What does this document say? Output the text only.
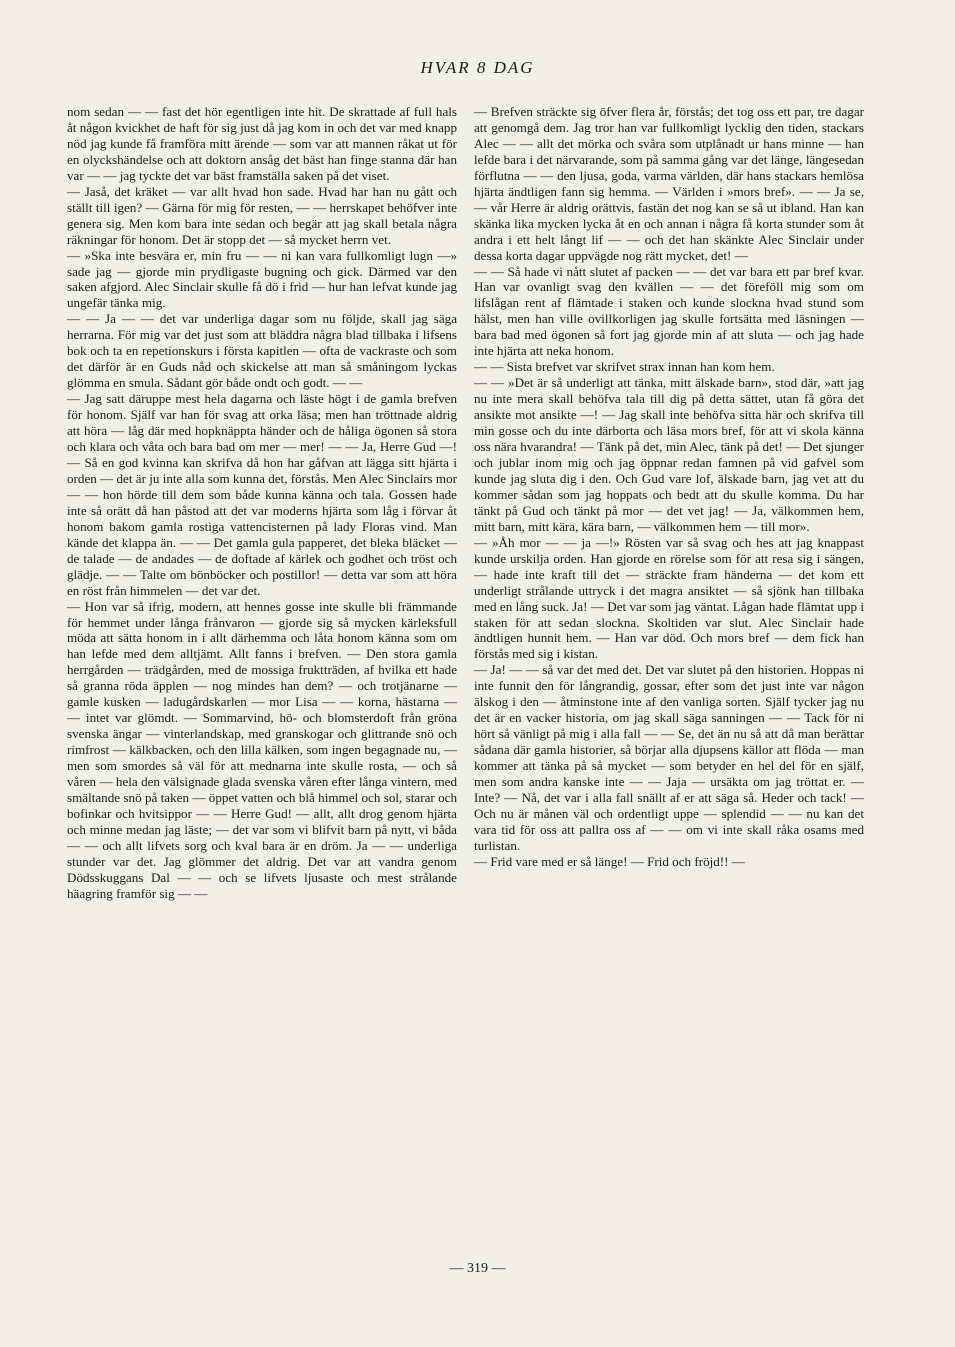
HVAR 8 DAG

nom sedan — — fast det hör egentligen inte hit. De skrattade af full hals åt någon kvickhet de haft för sig just då jag kom in och det var med knapp nöd jag kunde få framföra mitt ärende — som var att mannen råkat ut för en olyckshändelse och att doktorn ansåg det bäst han finge stanna där han var — — jag tyckte det var bäst framställa saken på det viset.

— Jaså, det kräket — var allt hvad hon sade. Hvad har han nu gått och ställt till igen? — Gärna för mig för resten, — — herrskapet behöfver inte genera sig. Men kom bara inte sedan och begär att jag skall betala några räkningar för honom. Det är stopp det — så mycket herrn vet.

— »Ska inte besvära er, min fru — — ni kan vara fullkomligt lugn —» sade jag — gjorde min prydligaste bugning och gick. Därmed var den saken afgjord. Alec Sinclair skulle få dö i frid — hur han lefvat kunde jag ungefär tänka mig.

— — Ja — — det var underliga dagar som nu följde, skall jag säga herrarna. För mig var det just som att bläddra några blad tillbaka i lifsens bok och ta en repetionskurs i första kapitlen — ofta de vackraste och som det därför är en Guds nåd och skickelse att man så småningom lyckas glömma en smula. Sådant gör både ondt och godt. — —

— Jag satt däruppe mest hela dagarna och läste högt i de gamla brefven för honom. Själf var han för svag att orka läsa; men han tröttnade aldrig att höra — låg där med hopknäppta händer och de håliga ögonen så stora och klara och våta och bara bad om mer — mer! — — Ja, Herre Gud —! — Så en god kvinna kan skrifva då hon har gåfvan att lägga sitt hjärta i orden — det är ju inte alla som kunna det, förstås. Men Alec Sinclairs mor — — hon hörde till dem som både kunna känna och tala. Gossen hade inte så orätt då han påstod att det var moderns hjärta som låg i förvar åt honom bakom gamla rostiga vattencisternen på lady Floras vind. Man kände det klappa än. — — Det gamla gula papperet, det bleka bläcket — de talade — de andades — de doftade af kärlek och godhet och tröst och glädje. — — Talte om bönböcker och postillor! — detta var som att höra en röst från himmelen — det var det.

— Hon var så ifrig, modern, att hennes gosse inte skulle bli främmande för hemmet under långa frånvaron — gjorde sig så mycken kärleksfull möda att sätta honom in i allt därhemma och låta honom känna som om han lefde med dem alltjämt. Allt fanns i brefven. — Den stora gamla herrgården — trädgården, med de mossiga fruktträden, af hvilka ett hade så granna röda äpplen — nog mindes han dem? — och trotjänarne — gamle kusken — ladugårdskarlen — mor Lisa — — korna, hästarna — — intet var glömdt. — Sommarvind, hö- och blomsterdoft från gröna svenska ängar — vinterlandskap, med granskogar och glittrande snö och rimfrost — kälkbacken, och den lilla kälken, som ingen begagnade nu, — men som smordes så väl för att mednarna inte skulle rosta, — och så våren — hela den välsignade glada svenska våren efter långa vintern, med smältande snö på taken — öppet vatten och blå himmel och sol, starar och bofinkar och hvitsippor — — Herre Gud! — allt, allt drog genom hjärta och minne medan jag läste; — det var som vi blifvit barn på nytt, vi båda — — och allt lifvets sorg och kval bara är en dröm. Ja — — underliga stunder var det. Jag glömmer det aldrig. Det var att vandra genom Dödsskuggans Dal — — och se lifvets ljusaste och mest strålande häagring framför sig — —

— Brefven sträckte sig öfver flera år, förstås; det tog oss ett par, tre dagar att genomgå dem. Jag tror han var fullkomligt lycklig den tiden, stackars Alec — — allt det mörka och svåra som utplånadt ur hans minne — han lefde bara i det närvarande, som på samma gång var det länge, längesedan förflutna — — den ljusa, goda, varma världen, där hans stackars hemlösa hjärta ändtligen fann sig hemma. — Världen i »mors bref». — — Ja se, — vår Herre är aldrig orättvis, fastän det nog kan se så ut ibland. Han kan skänka lika mycken lycka åt en och annan i några få korta stunder som åt andra i ett helt långt lif — — och det han skänkte Alec Sinclair under dessa korta dagar uppvägde nog rätt mycket, det! —

— — Så hade vi nått slutet af packen — — det var bara ett par bref kvar. Han var ovanligt svag den kvällen — — det föreföll mig som om lifslågan rent af flämtade i staken och kunde slockna hvad stund som hälst, men han ville ovillkorligen jag skulle fortsätta med läsningen — bara bad med ögonen så fort jag gjorde min af att sluta — och jag hade inte hjärta att neka honom.

— — Sista brefvet var skrifvet strax innan han kom hem.

— — »Det är så underligt att tänka, mitt älskade barn», stod där, »att jag nu inte mera skall behöfva tala till dig på detta sättet, utan få göra det ansikte mot ansikte —! — Jag skall inte behöfva sitta här och skrifva till min gosse och du inte därborta och läsa mors bref, för att vi skola känna oss nära hvarandra! — Tänk på det, min Alec, tänk på det! — Det sjunger och jublar inom mig och jag öppnar redan famnen på vid gafvel som kunde jag sluta dig i den. Och Gud vare lof, älskade barn, jag vet att du kommer sådan som jag hoppats och bedt att du skulle komma. Du har tänkt på Gud och tänkt på mor — det vet jag! — Ja, välkommen hem, mitt barn, mitt kära, kära barn, — välkommen hem — till mor».

— »Åh mor — — ja —!» Rösten var så svag och hes att jag knappast kunde urskilja orden. Han gjorde en rörelse som för att resa sig i sängen, — hade inte kraft till det — sträckte fram händerna — det kom ett underligt strålande uttryck i det magra ansiktet — så sjönk han tillbaka med en lång suck. Ja! — Det var som jag väntat. Lågan hade flämtat upp i staken för att sedan slockna. Skoltiden var slut. Alec Sinclair hade ändtligen hunnit hem. — Han var död. Och mors bref — dem fick han förstås med sig i kistan.

— Ja! — — så var det med det. Det var slutet på den historien. Hoppas ni inte funnit den för långrandig, gossar, efter som det just inte var någon älskog i den — åtminstone inte af den vanliga sorten. Själf tycker jag nu det är en vacker historia, om jag skall säga sanningen — — Tack för ni hört så vänligt på mig i alla fall — — Se, det än nu så att då man berättar sådana där gamla historier, så börjar alla djupsens källor att flöda — man kommer att tänka på så mycket — som betyder en hel del för en själf, men som andra kanske inte — — Jaja — ursäkta om jag tröttat er. — Inte? — Nå, det var i alla fall snällt af er att säga så. Heder och tack! — Och nu är månen väl och ordentligt uppe — splendid — — nu kan det vara tid för oss att pallra oss af — — om vi inte skall råka osams med turlistan.

— Frid vare med er så länge! — Frid och fröjd!! —

— 319 —
